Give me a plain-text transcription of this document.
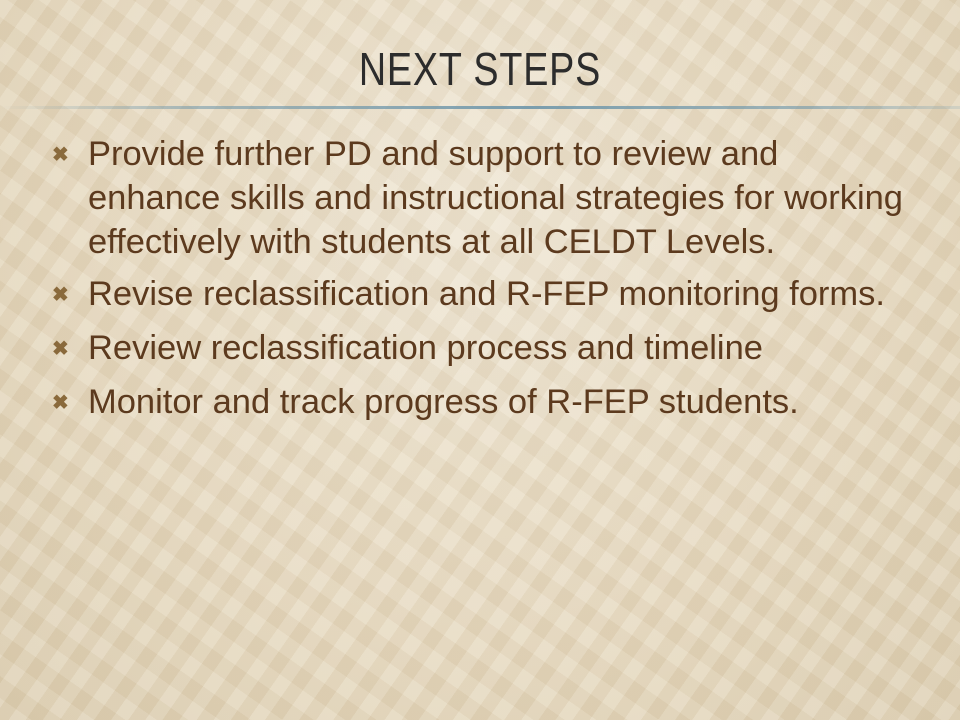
NEXT STEPS
✖ Provide further PD and support to review and enhance skills and instructional strategies for working effectively with students at all CELDT Levels.
✖ Revise reclassification and R-FEP monitoring forms.
✖ Review reclassification process and timeline
✖ Monitor and track progress of R-FEP students.
